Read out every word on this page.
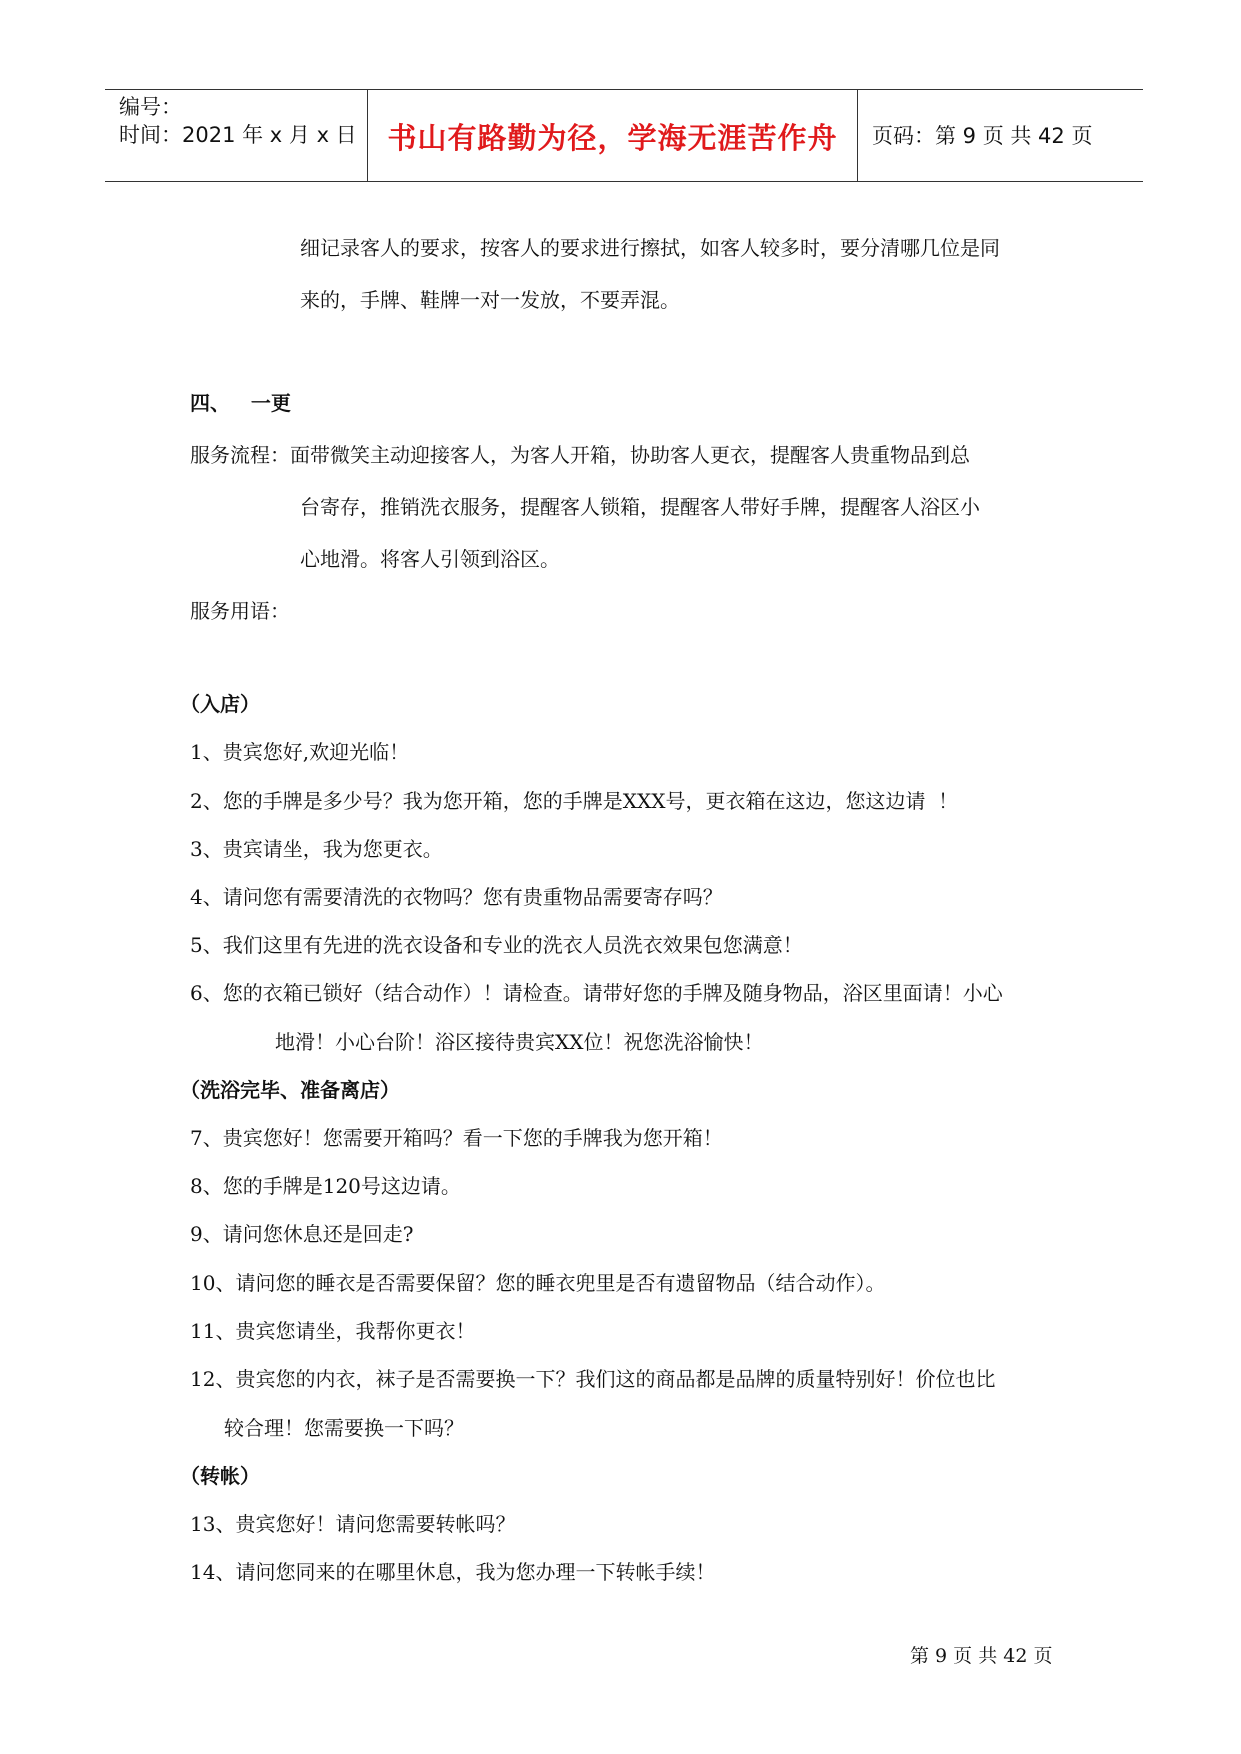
编号：
时间：2021 年 x 月 x 日	书山有路勤为径，学海无涯苦作舟	页码：第 9 页 共 42 页
细记录客人的要求，按客人的要求进行擦拭，如客人较多时，要分清哪几位是同
来的，手牌、鞋牌一对一发放，不要弄混。
四、   一更
服务流程：面带微笑主动迎接客人，为客人开箱，协助客人更衣，提醒客人贵重物品到总
台寄存，推销洗衣服务，提醒客人锁箱，提醒客人带好手牌，提醒客人浴区小
心地滑。将客人引领到浴区。
服务用语：
（入店）
1、贵宾您好,欢迎光临！
2、您的手牌是多少号？我为您开箱，您的手牌是XXX号，更衣箱在这边，您这边请  ！
3、贵宾请坐，我为您更衣。
4、请问您有需要清洗的衣物吗？您有贵重物品需要寄存吗？
5、我们这里有先进的洗衣设备和专业的洗衣人员洗衣效果包您满意！
6、您的衣箱已锁好（结合动作）！请检查。请带好您的手牌及随身物品，浴区里面请！小心
地滑！小心台阶！浴区接待贵宾XX位！祝您洗浴愉快！
（洗浴完毕、准备离店）
7、贵宾您好！您需要开箱吗？看一下您的手牌我为您开箱！
8、您的手牌是120号这边请。
9、请问您休息还是回走?
10、请问您的睡衣是否需要保留？您的睡衣兜里是否有遗留物品（结合动作）。
11、贵宾您请坐，我帮你更衣！
12、贵宾您的内衣，袜子是否需要换一下？我们这的商品都是品牌的质量特别好！价位也比
较合理！您需要换一下吗？
（转帐）
13、贵宾您好！请问您需要转帐吗？
14、请问您同来的在哪里休息，我为您办理一下转帐手续！
第 9 页 共 42 页
